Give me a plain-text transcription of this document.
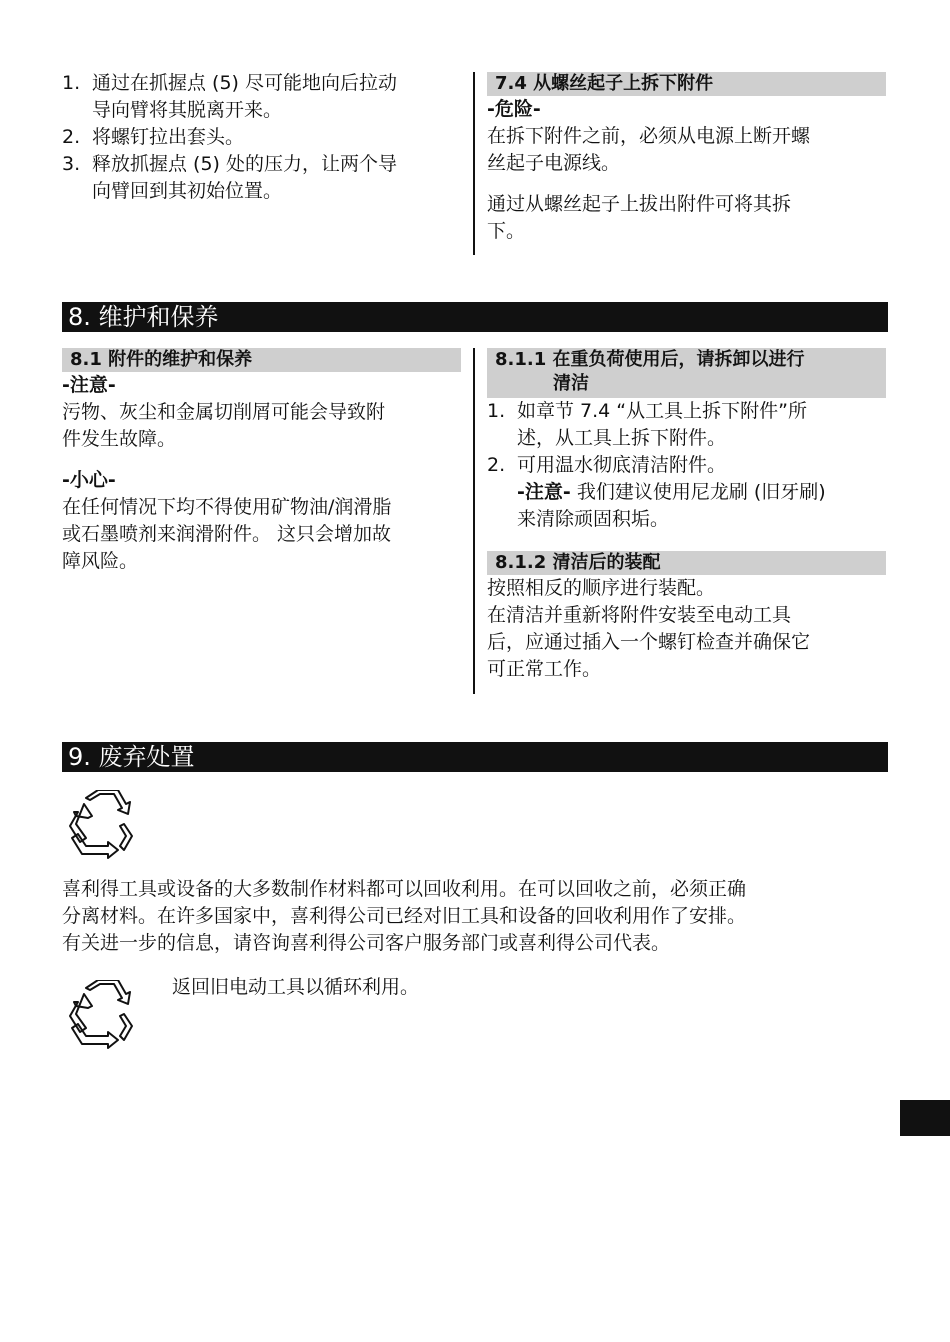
1. 通过在抓握点 (5) 尽可能地向后拉动
导向臂将其脱离开来。
2. 将螺钉拉出套头。
3. 释放抓握点 (5) 处的压力，让两个导
向臂回到其初始位置。
7.4 从螺丝起子上拆下附件
-危险-
在拆下附件之前，必须从电源上断开螺
丝起子电源线。
通过从螺丝起子上拔出附件可将其拆
下。
8. 维护和保养
8.1 附件的维护和保养
-注意-
污物、灰尘和金属切削屑可能会导致附
件发生故障。
-小心-
在任何情况下均不得使用矿物油/润滑脂
或石墨喷剂来润滑附件。 这只会增加故
障风险。
8.1.1 在重负荷使用后，请拆卸以进行
清洁
1. 如章节 7.4 “从工具上拆下附件”所
述，从工具上拆下附件。
2. 可用温水彻底清洁附件。
-注意- 我们建议使用尼龙刷 (旧牙刷)
来清除顽固积垢。
8.1.2 清洁后的装配
按照相反的顺序进行装配。
在清洁并重新将附件安装至电动工具
后，应通过插入一个螺钉检查并确保它
可正常工作。
9. 废弃处置
喜利得工具或设备的大多数制作材料都可以回收利用。在可以回收之前，必须正确
分离材料。在许多国家中，喜利得公司已经对旧工具和设备的回收利用作了安排。
有关进一步的信息，请咨询喜利得公司客户服务部门或喜利得公司代表。
返回旧电动工具以循环利用。
